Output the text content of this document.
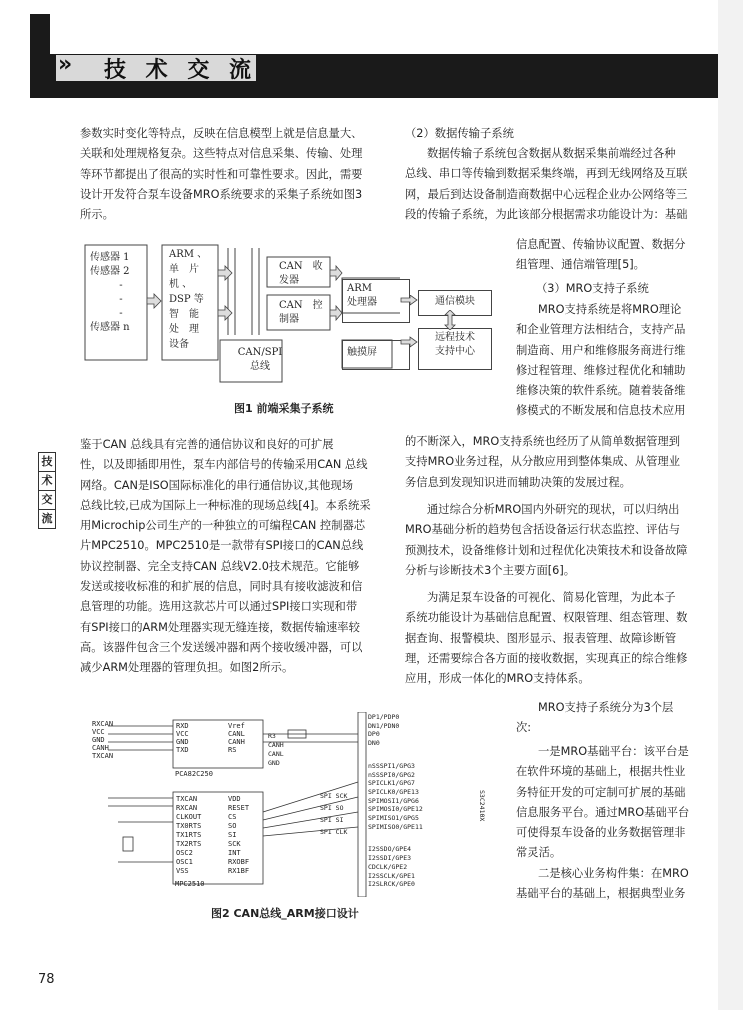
» 技 术 交 流
技
术
交
流
参数实时变化等特点，反映在信息模型上就是信息量大、
关联和处理规格复杂。这些特点对信息采集、传输、处理
等环节都提出了很高的实时性和可靠性要求。因此，需要
设计开发符合泵车设备MRO系统要求的采集子系统如图3
所示。
传感器 1
传感器 2
-
-
-
传感器 n
ARM 、
单　片
机 、
DSP 等
智　能
处　理
设备
CAN　收
发器
CAN　控
制器
CAN/SPI
总线
ARM
处理器
触摸屏
通信模块
远程技术
支持中心
图1 前端采集子系统
鉴于CAN 总线具有完善的通信协议和良好的可扩展
性，以及即插即用性，泵车内部信号的传输采用CAN 总线
网络。CAN是ISO国际标准化的串行通信协议,其他现场
总线比较,已成为国际上一种标准的现场总线[4]。本系统采
用Microchip公司生产的一种独立的可编程CAN 控制器芯
片MPC2510。MPC2510是一款带有SPI接口的CAN总线
协议控制器、完全支持CAN 总线V2.0技术规范。它能够
发送或接收标准的和扩展的信息，同时具有接收滤波和信
息管理的功能。选用这款芯片可以通过SPI接口实现和带
有SPI接口的ARM处理器实现无缝连接，数据传输速率较
高。该器件包含三个发送缓冲器和两个接收缓冲器，可以
减少ARM处理器的管理负担。如图2所示。
RXCAN
VCC
GND
CANH
TXCAN
RXD
VCC
GND
TXD
Vref
CANL
CANH
RS
PCA82C250
TXCAN
RXCAN
CLKOUT
TX0RTS
TX1RTS
TX2RTS
OSC2
OSC1
VSS
VDD
RESET
CS
SO
SI
SCK
INT
RXOBF
RX1BF
MPC2510
R3
CANH
CANL
GND
SPI SCK
SPI SO
SPI SI
SPI CLK
DP1/PDP0
DN1/PDN0
DP0
DN0
nSSSPI1/GPG3
nSSSPI0/GPG2
SPICLK1/GPG7
SPICLK0/GPE13
SPIMOSI1/GPG6
SPIMOSI0/GPE12
SPIMISO1/GPG5
SPIMISO0/GPE11
I2SSDO/GPE4
I2SSDI/GPE3
CDCLK/GPE2
I2SSCLK/GPE1
I2SLRCK/GPE0
S3C2410X
图2 CAN总线_ARM接口设计
（2）数据传输子系统
数据传输子系统包含数据从数据采集前端经过各种
总线、串口等传输到数据采集终端，再到无线网络及互联
网，最后到达设备制造商数据中心远程企业办公网络等三
段的传输子系统，为此该部分根据需求功能设计为：基础
信息配置、传输协议配置、数据分
组管理、通信端管理[5]。
（3）MRO支持子系统
MRO支持系统是将MRO理论
和企业管理方法相结合，支持产品
制造商、用户和维修服务商进行维
修过程管理、维修过程优化和辅助
维修决策的软件系统。随着装备维
修模式的不断发展和信息技术应用
的不断深入，MRO支持系统也经历了从简单数据管理到
支持MRO业务过程，从分散应用到整体集成、从管理业
务信息到发现知识进而辅助决策的发展过程。
通过综合分析MRO国内外研究的现状，可以归纳出
MRO基础分析的趋势包含括设备运行状态监控、评估与
预测技术，设备维修计划和过程优化决策技术和设备故障
分析与诊断技术3个主要方面[6]。
为满足泵车设备的可视化、简易化管理，为此本子
系统功能设计为基础信息配置、权限管理、组态管理、数
据查询、报警模块、图形显示、报表管理、故障诊断管
理，还需要综合各方面的接收数据，实现真正的综合维修
应用，形成一体化的MRO支持体系。
MRO支持子系统分为3个层
次:
一是MRO基础平台：该平台是
在软件环境的基础上，根据共性业
务特征开发的可定制可扩展的基础
信息服务平台。通过MRO基础平台
可使得泵车设备的业务数据管理非
常灵活。
二是核心业务构件集：在MRO
基础平台的基础上，根据典型业务
78
